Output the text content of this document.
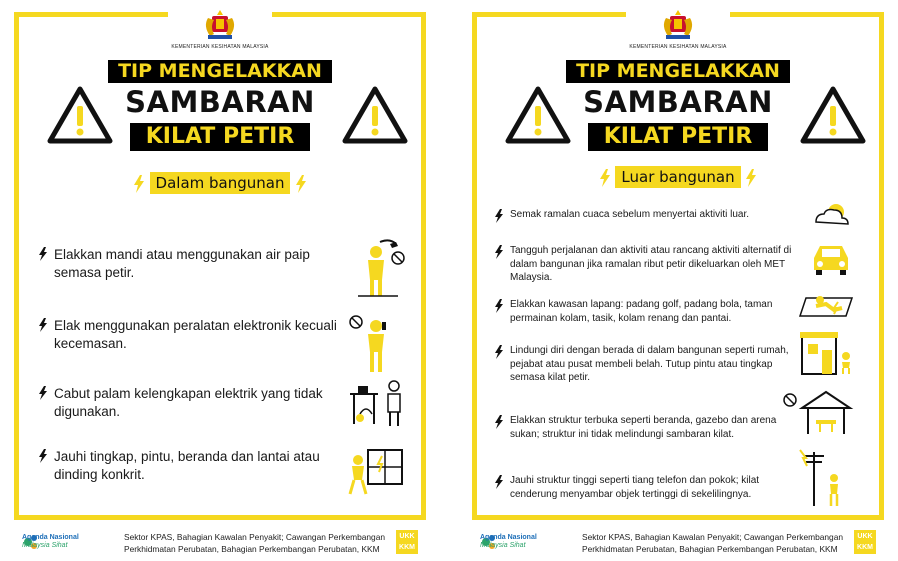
KEMENTERIAN KESIHATAN MALAYSIA
TIP MENGELAKKAN
SAMBARAN
KILAT PETIR
Dalam bangunan
Elakkan mandi atau menggunakan air paip semasa petir.
Elak menggunakan peralatan elektronik kecuali kecemasan.
Cabut palam kelengkapan elektrik yang tidak digunakan.
Jauhi tingkap, pintu, beranda dan lantai atau dinding konkrit.
Agenda Nasional
Malaysia Sihat
Sektor KPAS, Bahagian Kawalan Penyakit; Cawangan Perkembangan
Perkhidmatan Perubatan, Bahagian Perkembangan Perubatan, KKM
UKK
KKM
KEMENTERIAN KESIHATAN MALAYSIA
TIP MENGELAKKAN
SAMBARAN
KILAT PETIR
Luar bangunan
Semak ramalan cuaca sebelum menyertai aktiviti luar.
Tangguh perjalanan dan aktiviti atau rancang aktiviti alternatif di dalam bangunan jika ramalan ribut petir dikeluarkan oleh MET Malaysia.
Elakkan kawasan lapang: padang golf, padang bola, taman permainan kolam, tasik, kolam renang dan pantai.
Lindungi diri dengan berada di dalam bangunan seperti rumah, pejabat atau pusat membeli belah. Tutup pintu atau tingkap semasa kilat petir.
Elakkan struktur terbuka seperti beranda, gazebo dan arena sukan; struktur ini tidak melindungi sambaran kilat.
Jauhi struktur tinggi seperti tiang telefon dan pokok; kilat cenderung menyambar objek tertinggi di sekelilingnya.
Agenda Nasional
Malaysia Sihat
Sektor KPAS, Bahagian Kawalan Penyakit; Cawangan Perkembangan
Perkhidmatan Perubatan, Bahagian Perkembangan Perubatan, KKM
UKK
KKM
